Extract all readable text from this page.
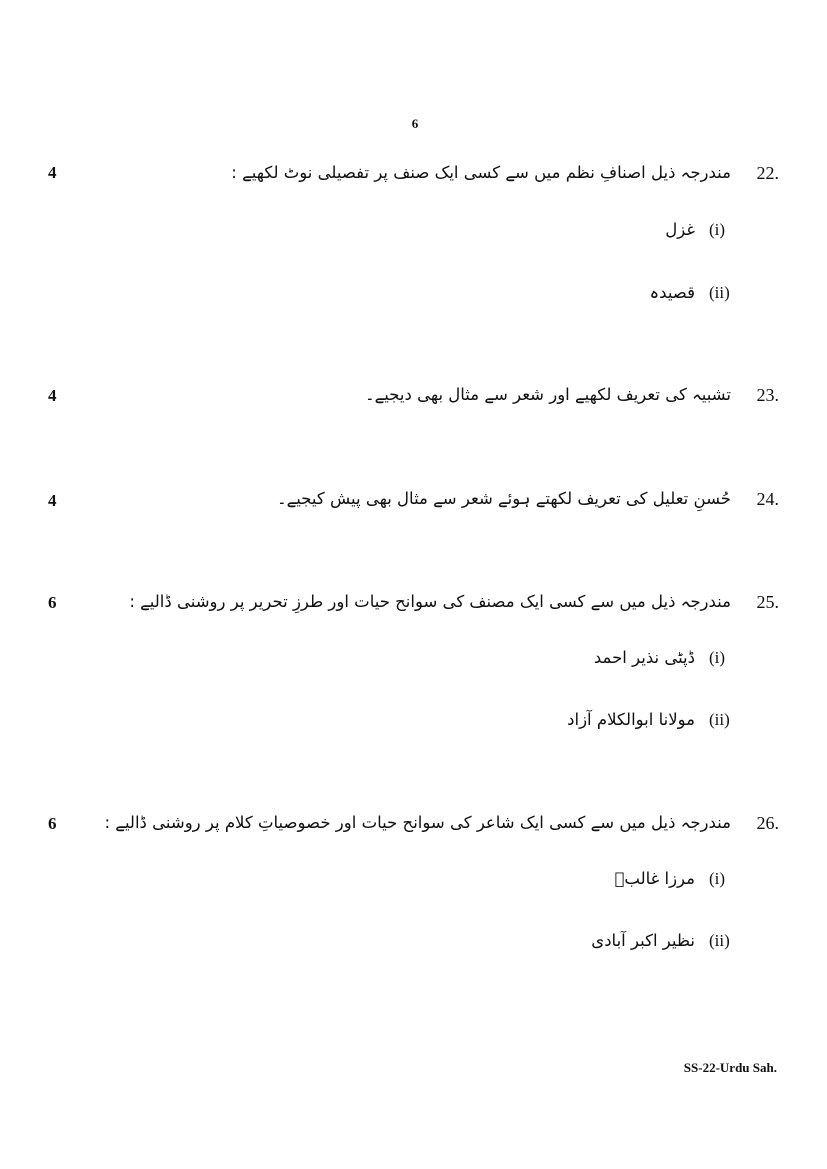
6
4	مندرجہ ذیل اصنافِ نظم میں سے کسی ایک صنف پر تفصیلی نوٹ لکھیے :	22.
غزل (i)
قصیدہ (ii)
4	تشبیہ کی تعریف لکھیے اور شعر سے مثال بھی دیجیے۔	23.
4	حُسنِ تعلیل کی تعریف لکھتے ہوئے شعر سے مثال بھی پیش کیجیے۔	24.
6	مندرجہ ذیل میں سے کسی ایک مصنف کی سوانح حیات اور طرزِ تحریر پر روشنی ڈالیے :	25.
ڈپٹی نذیر احمد (i)
مولانا ابوالکلام آزاد (ii)
6	مندرجہ ذیل میں سے کسی ایک شاعر کی سوانح حیات اور خصوصیاتِ کلام پر روشنی ڈالیے :	26.
مرزا غالبؔ (i)
نظیر اکبر آبادی (ii)
SS-22-Urdu Sah.
